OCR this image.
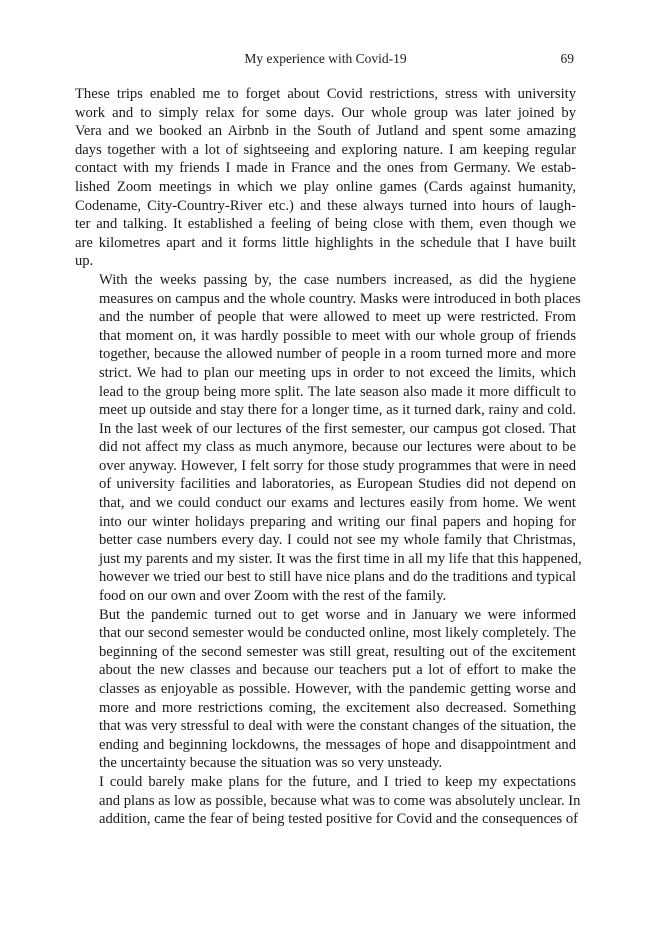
My experience with Covid-19	69

These trips enabled me to forget about Covid restrictions, stress with university
work and to simply relax for some days. Our whole group was later joined by
Vera and we booked an Airbnb in the South of Jutland and spent some amazing
days together with a lot of sightseeing and exploring nature. I am keeping regular
contact with my friends I made in France and the ones from Germany. We estab-
lished Zoom meetings in which we play online games (Cards against humanity,
Codename, City-Country-River etc.) and these always turned into hours of laugh-
ter and talking. It established a feeling of being close with them, even though we
are kilometres apart and it forms little highlights in the schedule that I have built
up.

With the weeks passing by, the case numbers increased, as did the hygiene
measures on campus and the whole country. Masks were introduced in both places
and the number of people that were allowed to meet up were restricted. From
that moment on, it was hardly possible to meet with our whole group of friends
together, because the allowed number of people in a room turned more and more
strict. We had to plan our meeting ups in order to not exceed the limits, which
lead to the group being more split. The late season also made it more difficult to
meet up outside and stay there for a longer time, as it turned dark, rainy and cold.
In the last week of our lectures of the first semester, our campus got closed. That
did not affect my class as much anymore, because our lectures were about to be
over anyway. However, I felt sorry for those study programmes that were in need
of university facilities and laboratories, as European Studies did not depend on
that, and we could conduct our exams and lectures easily from home. We went
into our winter holidays preparing and writing our final papers and hoping for
better case numbers every day. I could not see my whole family that Christmas,
just my parents and my sister. It was the first time in all my life that this happened,
however we tried our best to still have nice plans and do the traditions and typical
food on our own and over Zoom with the rest of the family.

But the pandemic turned out to get worse and in January we were informed
that our second semester would be conducted online, most likely completely. The
beginning of the second semester was still great, resulting out of the excitement
about the new classes and because our teachers put a lot of effort to make the
classes as enjoyable as possible. However, with the pandemic getting worse and
more and more restrictions coming, the excitement also decreased. Something
that was very stressful to deal with were the constant changes of the situation, the
ending and beginning lockdowns, the messages of hope and disappointment and
the uncertainty because the situation was so very unsteady.

I could barely make plans for the future, and I tried to keep my expectations
and plans as low as possible, because what was to come was absolutely unclear. In
addition, came the fear of being tested positive for Covid and the consequences of
